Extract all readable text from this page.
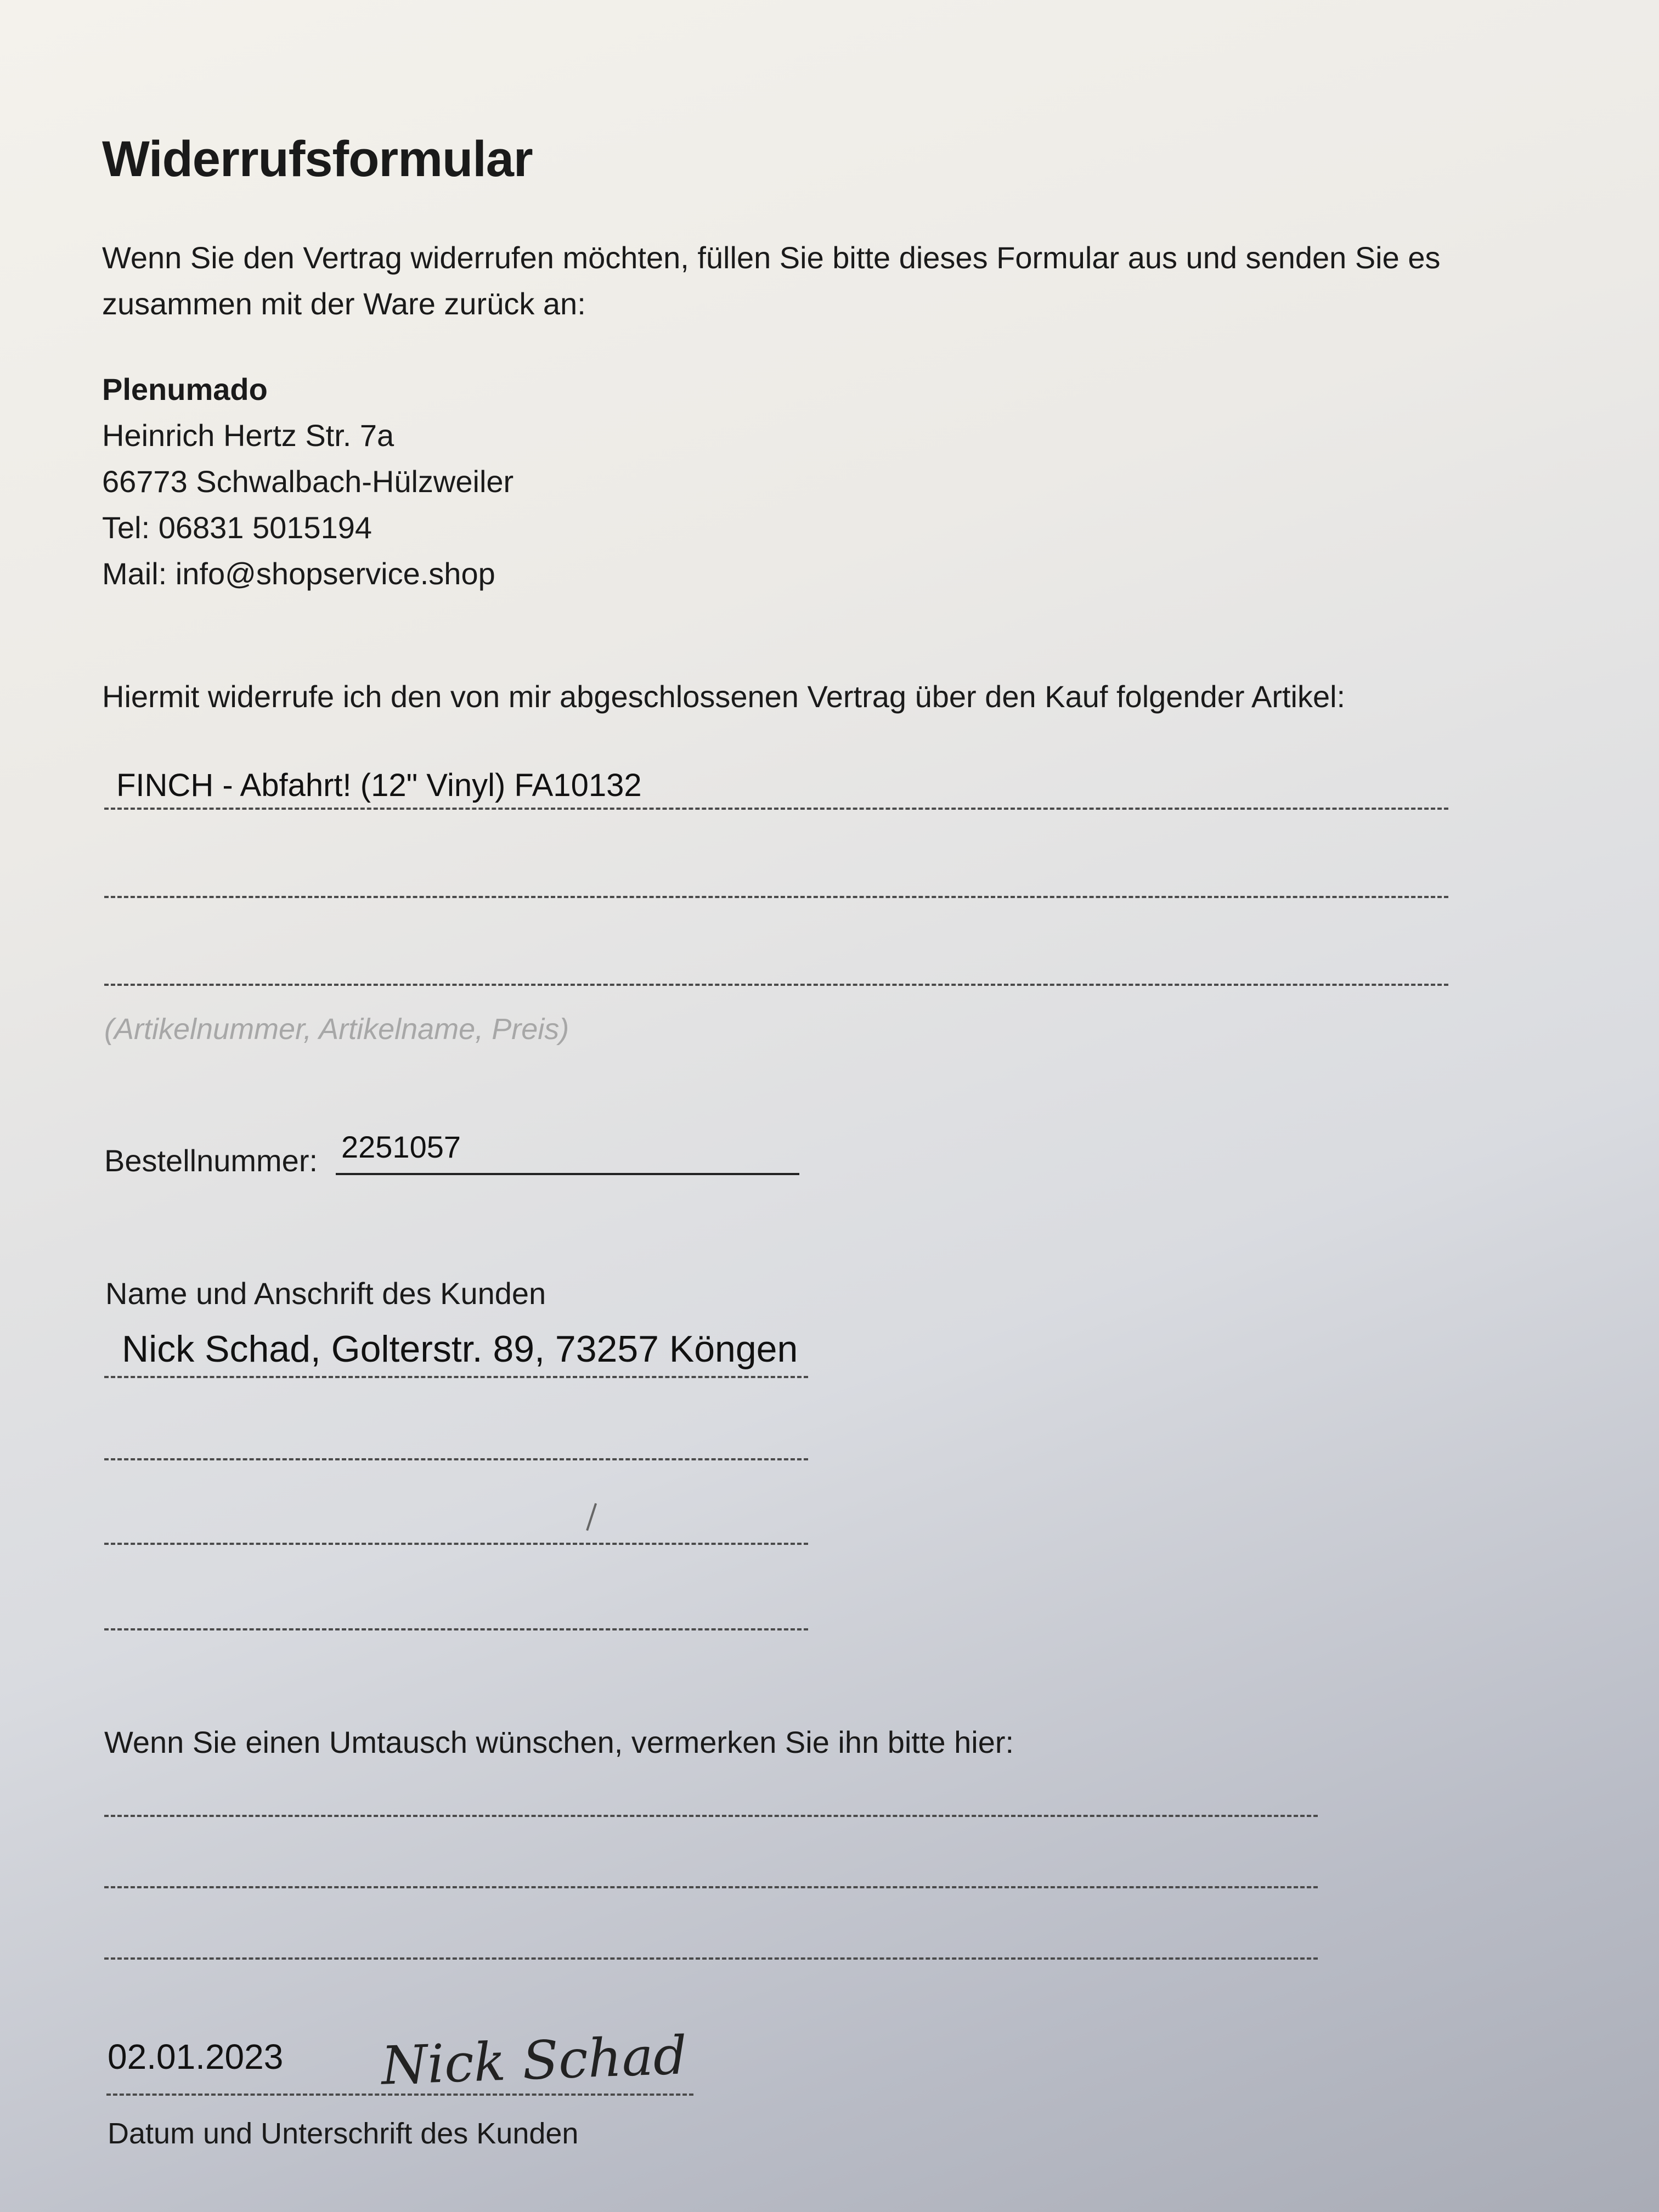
Widerrufsformular
Wenn Sie den Vertrag widerrufen möchten, füllen Sie bitte dieses Formular aus und senden Sie es
zusammen mit der Ware zurück an:
Plenumado
Heinrich Hertz Str. 7a
66773 Schwalbach-Hülzweiler
Tel: 06831 5015194
Mail: info@shopservice.shop
Hiermit widerrufe ich den von mir abgeschlossenen Vertrag über den Kauf folgender Artikel:
FINCH - Abfahrt! (12" Vinyl) FA10132
(Artikelnummer, Artikelname, Preis)
Bestellnummer: 2251057
Name und Anschrift des Kunden
Nick Schad, Golterstr. 89, 73257 Köngen
Wenn Sie einen Umtausch wünschen, vermerken Sie ihn bitte hier:
02.01.2023 Nick Schad
Datum und Unterschrift des Kunden
